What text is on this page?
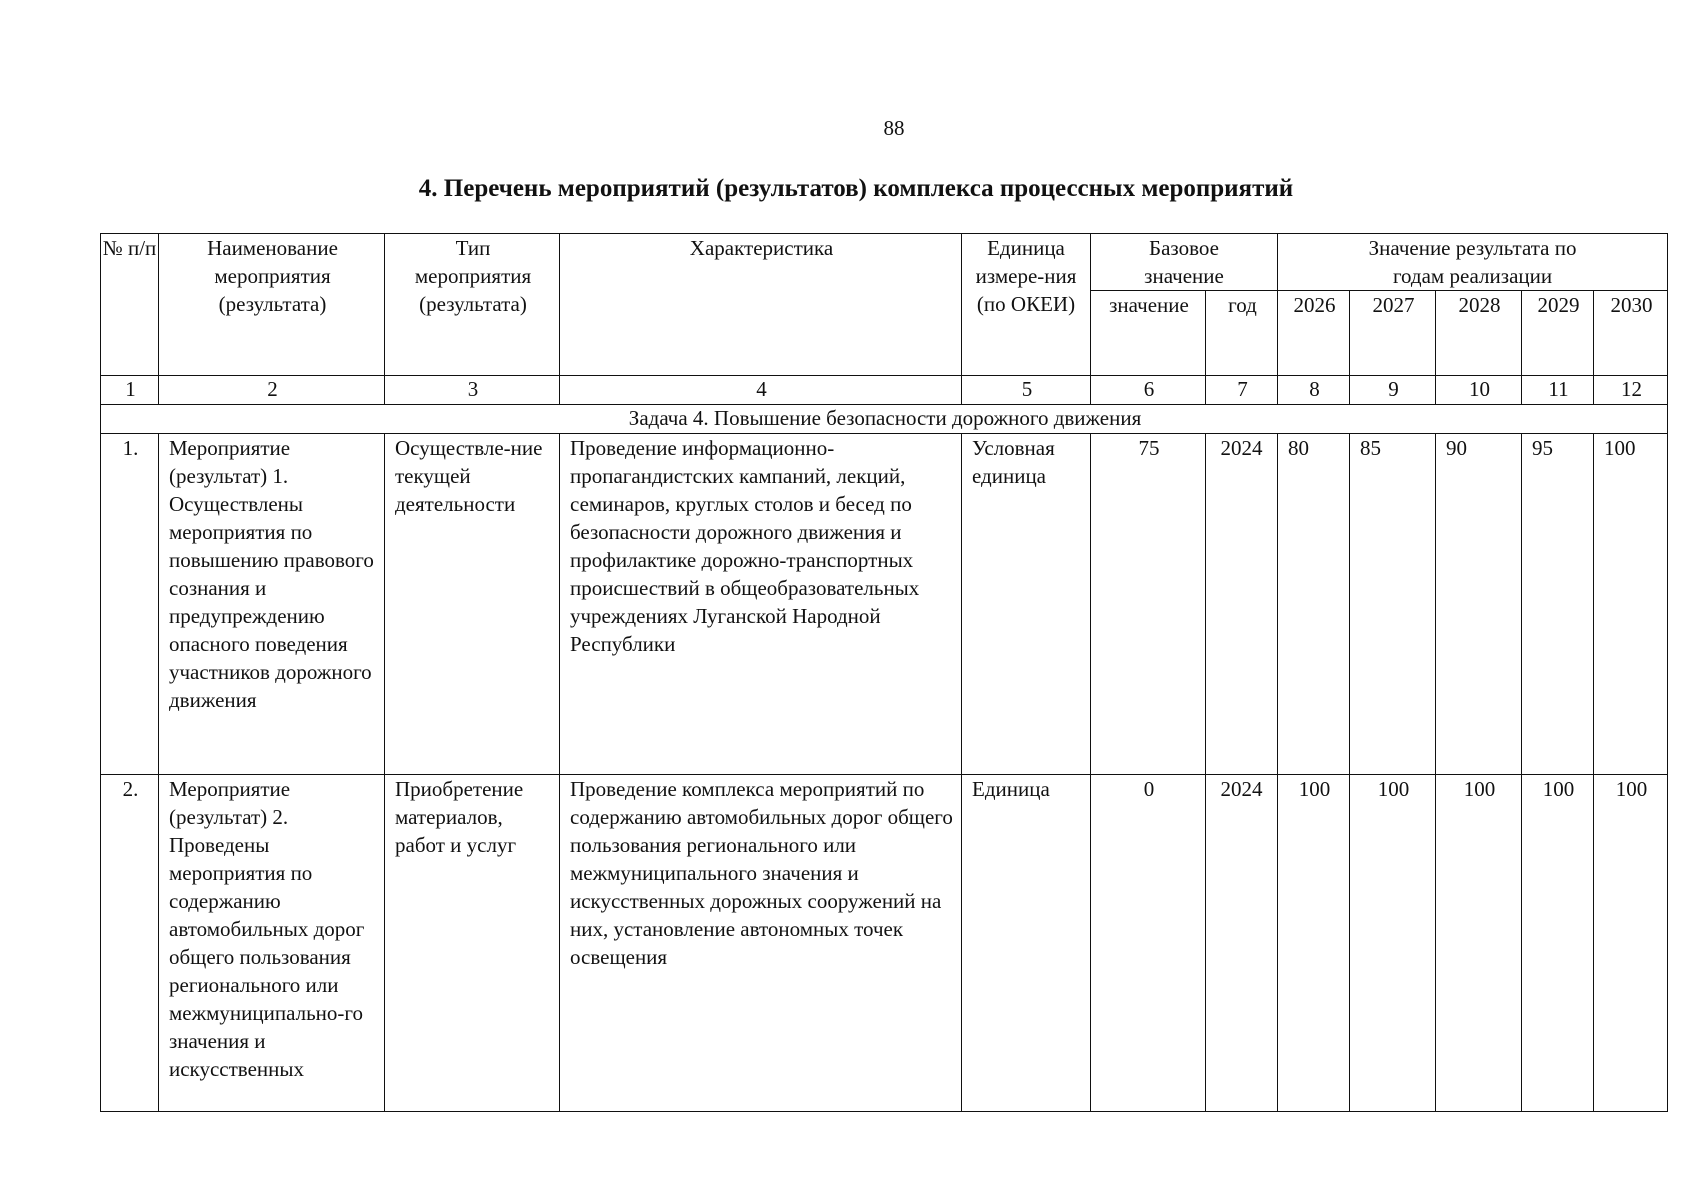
88
4. Перечень мероприятий (результатов) комплекса процессных мероприятий
№ п/п	Наименование мероприятия (результата)	Тип мероприятия (результата)	Характеристика	Единица измере-ния (по ОКЕИ)	Базовое значение		Значение результата по годам реализации				
					значение	год	2026	2027	2028	2029	2030
1	2	3	4	5	6	7	8	9	10	11	12
Задача 4. Повышение безопасности дорожного движения											
1.	Мероприятие (результат) 1. Осуществлены мероприятия по повышению правового сознания и предупреждению опасного поведения участников дорожного движения	Осуществле-ние текущей деятельности	Проведение информационно-пропагандистских кампаний, лекций, семинаров, круглых столов и бесед по безопасности дорожного движения и профилактике дорожно-транспортных происшествий в общеобразовательных учреждениях Луганской Народной Республики	Условная единица	75	2024	80	85	90	95	100
2.	Мероприятие (результат) 2. Проведены мероприятия по содержанию автомобильных дорог общего пользования регионального или межмуниципально-го значения и искусственных	Приобретение материалов, работ и услуг	Проведение комплекса мероприятий по содержанию автомобильных дорог общего пользования регионального или межмуниципального значения и искусственных дорожных сооружений на них, установление автономных точек освещения	Единица	0	2024	100	100	100	100	100
